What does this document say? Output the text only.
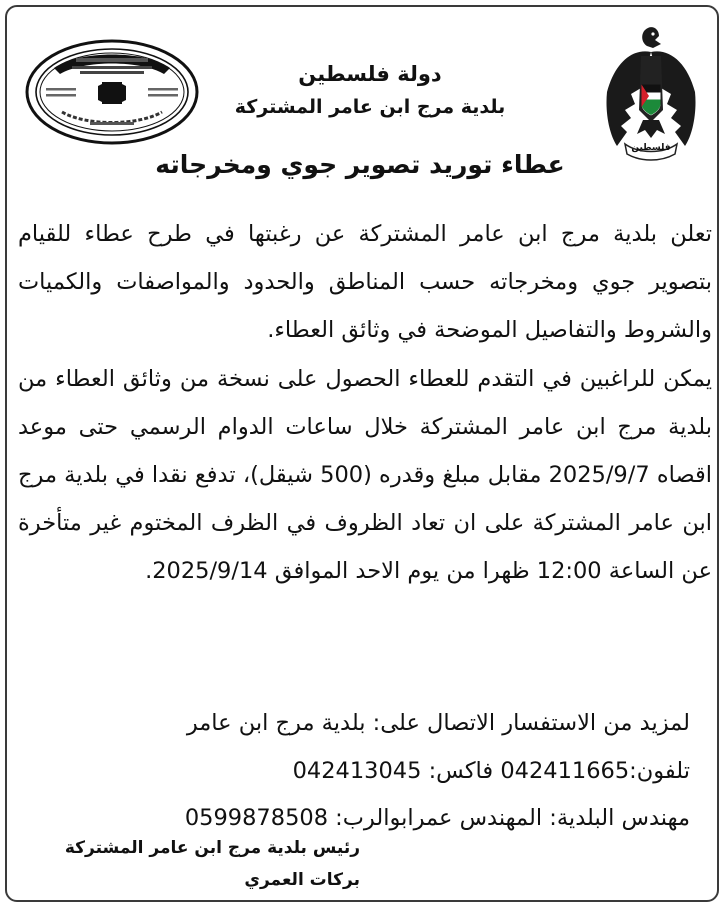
فلسطين
دولة فلسطين
بلدية مرج ابن عامر المشتركة
عطاء توريد تصوير جوي ومخرجاته

تعلن بلدية مرج ابن عامر المشتركة عن رغبتها في طرح عطاء للقيام بتصوير جوي ومخرجاته حسب المناطق والحدود والمواصفات والكميات والشروط والتفاصيل الموضحة في وثائق العطاء.

يمكن للراغبين في التقدم للعطاء الحصول على نسخة من وثائق العطاء من بلدية مرج ابن عامر المشتركة خلال ساعات الدوام الرسمي حتى موعد اقصاه 2025/9/7 مقابل مبلغ وقدره (500 شيقل)، تدفع نقدا في بلدية مرج ابن عامر المشتركة على ان تعاد الظروف في الظرف المختوم غير متأخرة عن الساعة 12:00 ظهرا من يوم الاحد الموافق 2025/9/14.

لمزيد من الاستفسار الاتصال على: بلدية مرج ابن عامر

تلفون:042411665 فاكس: 042413045

مهندس البلدية: المهندس عمرابوالرب: 0599878508

رئيس بلدية مرج ابن عامر المشتركة
بركات العمري
